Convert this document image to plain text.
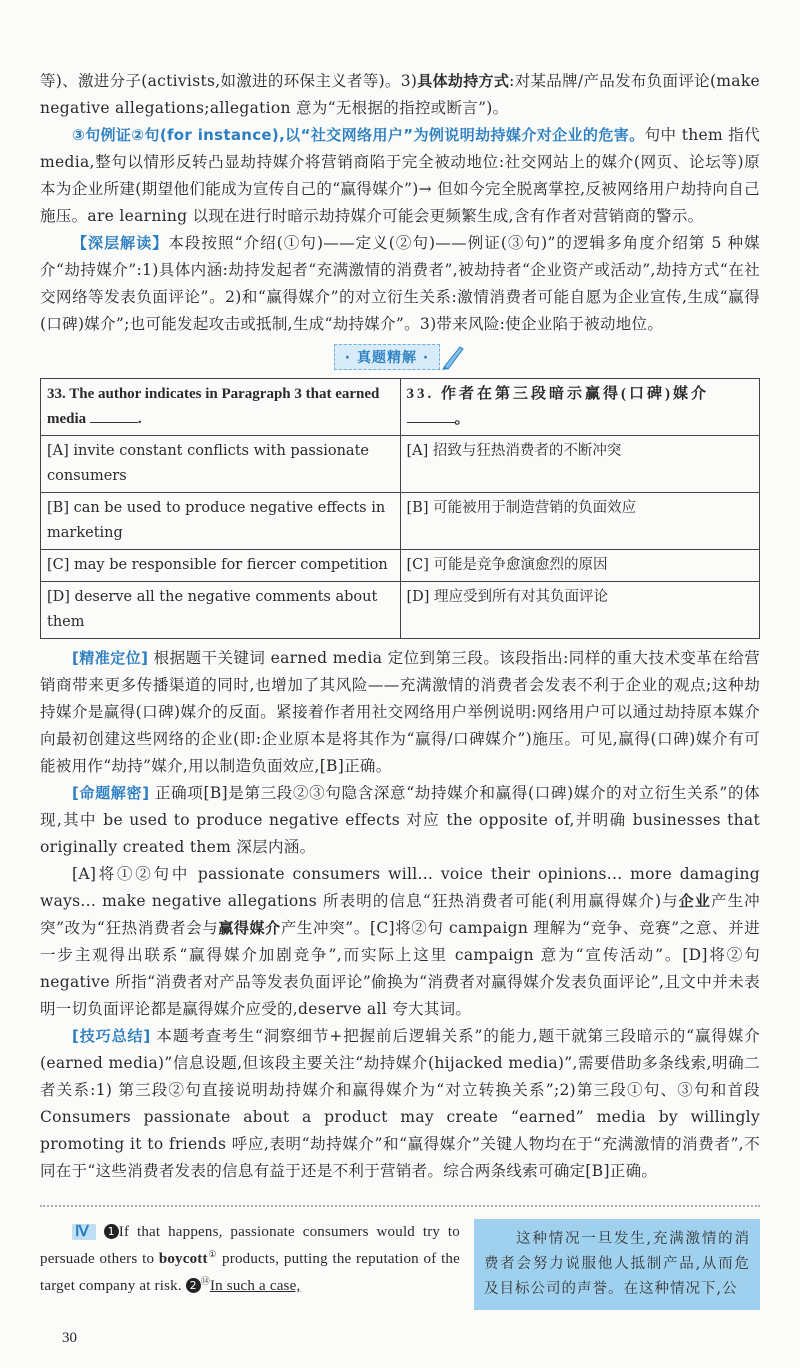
等)、激进分子(activists,如激进的环保主义者等)。3)具体劫持方式:对某品牌/产品发布负面评论(make negative allegations;allegation 意为“无根据的指控或断言”)。

③句例证②句(for instance),以“社交网络用户”为例说明劫持媒介对企业的危害。句中 them 指代 media,整句以情形反转凸显劫持媒介将营销商陷于完全被动地位:社交网站上的媒介(网页、论坛等)原本为企业所建(期望他们能成为宣传自己的“赢得媒介”)→ 但如今完全脱离掌控,反被网络用户劫持向自己施压。are learning 以现在进行时暗示劫持媒介可能会更频繁生成,含有作者对营销商的警示。

【深层解读】本段按照“介绍(①句)——定义(②句)——例证(③句)”的逻辑多角度介绍第 5 种媒介“劫持媒介”:1)具体内涵:劫持发起者“充满激情的消费者”,被劫持者“企业资产或活动”,劫持方式“在社交网络等发表负面评论”。2)和“赢得媒介”的对立衍生关系:激情消费者可能自愿为企业宣传,生成“赢得(口碑)媒介”;也可能发起攻击或抵制,生成“劫持媒介”。3)带来风险:使企业陷于被动地位。

· 真题精解 ·
33. The author indicates in Paragraph 3 that earned media .	33. 作者在第三段暗示赢得(口碑)媒介。
[A] invite constant conflicts with passionate consumers	[A] 招致与狂热消费者的不断冲突
[B] can be used to produce negative effects in marketing	[B] 可能被用于制造营销的负面效应
[C] may be responsible for fiercer competition	[C] 可能是竞争愈演愈烈的原因
[D] deserve all the negative comments about them	[D] 理应受到所有对其负面评论

[精准定位] 根据题干关键词 earned media 定位到第三段。该段指出:同样的重大技术变革在给营销商带来更多传播渠道的同时,也增加了其风险——充满激情的消费者会发表不利于企业的观点;这种劫持媒介是赢得(口碑)媒介的反面。紧接着作者用社交网络用户举例说明:网络用户可以通过劫持原本媒介向最初创建这些网络的企业(即:企业原本是将其作为“赢得/口碑媒介”)施压。可见,赢得(口碑)媒介有可能被用作“劫持”媒介,用以制造负面效应,[B]正确。

[命题解密] 正确项[B]是第三段②③句隐含深意“劫持媒介和赢得(口碑)媒介的对立衍生关系”的体现,其中 be used to produce negative effects 对应 the opposite of,并明确 businesses that originally created them 深层内涵。

[A]将①②句中 passionate consumers will... voice their opinions... more damaging ways... make negative allegations 所表明的信息“狂热消费者可能(利用赢得媒介)与企业产生冲突”改为“狂热消费者会与赢得媒介产生冲突”。[C]将②句 campaign 理解为“竞争、竞赛”之意、并进一步主观得出联系“赢得媒介加剧竞争”,而实际上这里 campaign 意为“宣传活动”。[D]将②句 negative 所指“消费者对产品等发表负面评论”偷换为“消费者对赢得媒介发表负面评论”,且文中并未表明一切负面评论都是赢得媒介应受的,deserve all 夸大其词。

[技巧总结] 本题考查考生“洞察细节+把握前后逻辑关系”的能力,题干就第三段暗示的“赢得媒介(earned media)”信息设题,但该段主要关注“劫持媒介(hijacked media)”,需要借助多条线索,明确二者关系:1) 第三段②句直接说明劫持媒介和赢得媒介为“对立转换关系”;2)第三段①句、③句和首段 Consumers passionate about a product may create “earned” media by willingly promoting it to friends 呼应,表明“劫持媒介”和“赢得媒介”关键人物均在于“充满激情的消费者”,不同在于“这些消费者发表的信息有益于还是不利于营销者。综合两条线索可确定[B]正确。

Ⅳ 1 If that happens, passionate consumers would try to persuade others to boycott① products, putting the reputation of the target company at risk. 2 ⑭In such a case,

这种情况一旦发生,充满激情的消费者会努力说服他人抵制产品,从而危及目标公司的声誉。在这种情况下,公

30
